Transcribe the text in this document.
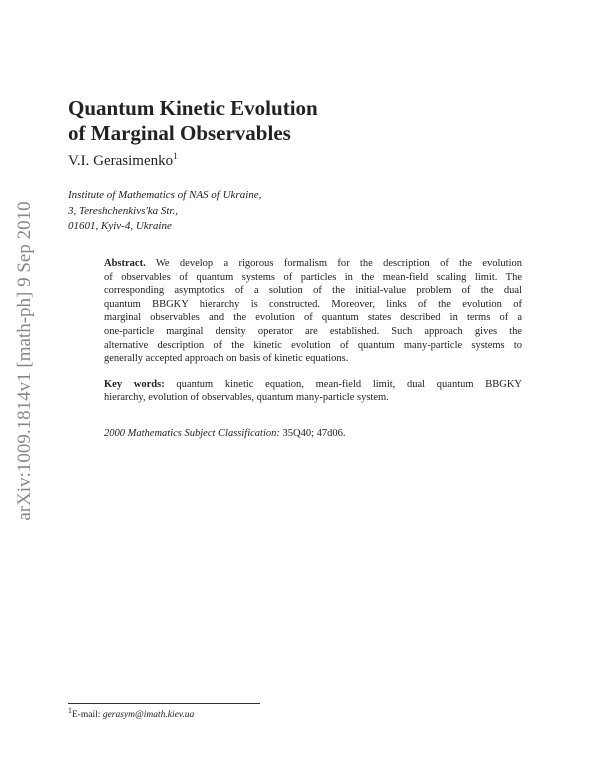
arXiv:1009.1814v1 [math-ph] 9 Sep 2010
Quantum Kinetic Evolution
of Marginal Observables
V.I. Gerasimenko$^1$
Institute of Mathematics of NAS of Ukraine,
3, Tereshchenkivs'ka Str.,
01601, Kyiv-4, Ukraine
Abstract. We develop a rigorous formalism for the description of the evolution
of observables of quantum systems of particles in the mean-field scaling limit. The
corresponding asymptotics of a solution of the initial-value problem of the dual
quantum BBGKY hierarchy is constructed. Moreover, links of the evolution of
marginal observables and the evolution of quantum states described in terms of a
one-particle marginal density operator are established. Such approach gives the
alternative description of the kinetic evolution of quantum many-particle systems to
generally accepted approach on basis of kinetic equations.
Key words: quantum kinetic equation, mean-field limit, dual quantum BBGKY
hierarchy, evolution of observables, quantum many-particle system.
2000 Mathematics Subject Classification: 35Q40; 47d06.
$^1$E-mail: gerasym@imath.kiev.ua
